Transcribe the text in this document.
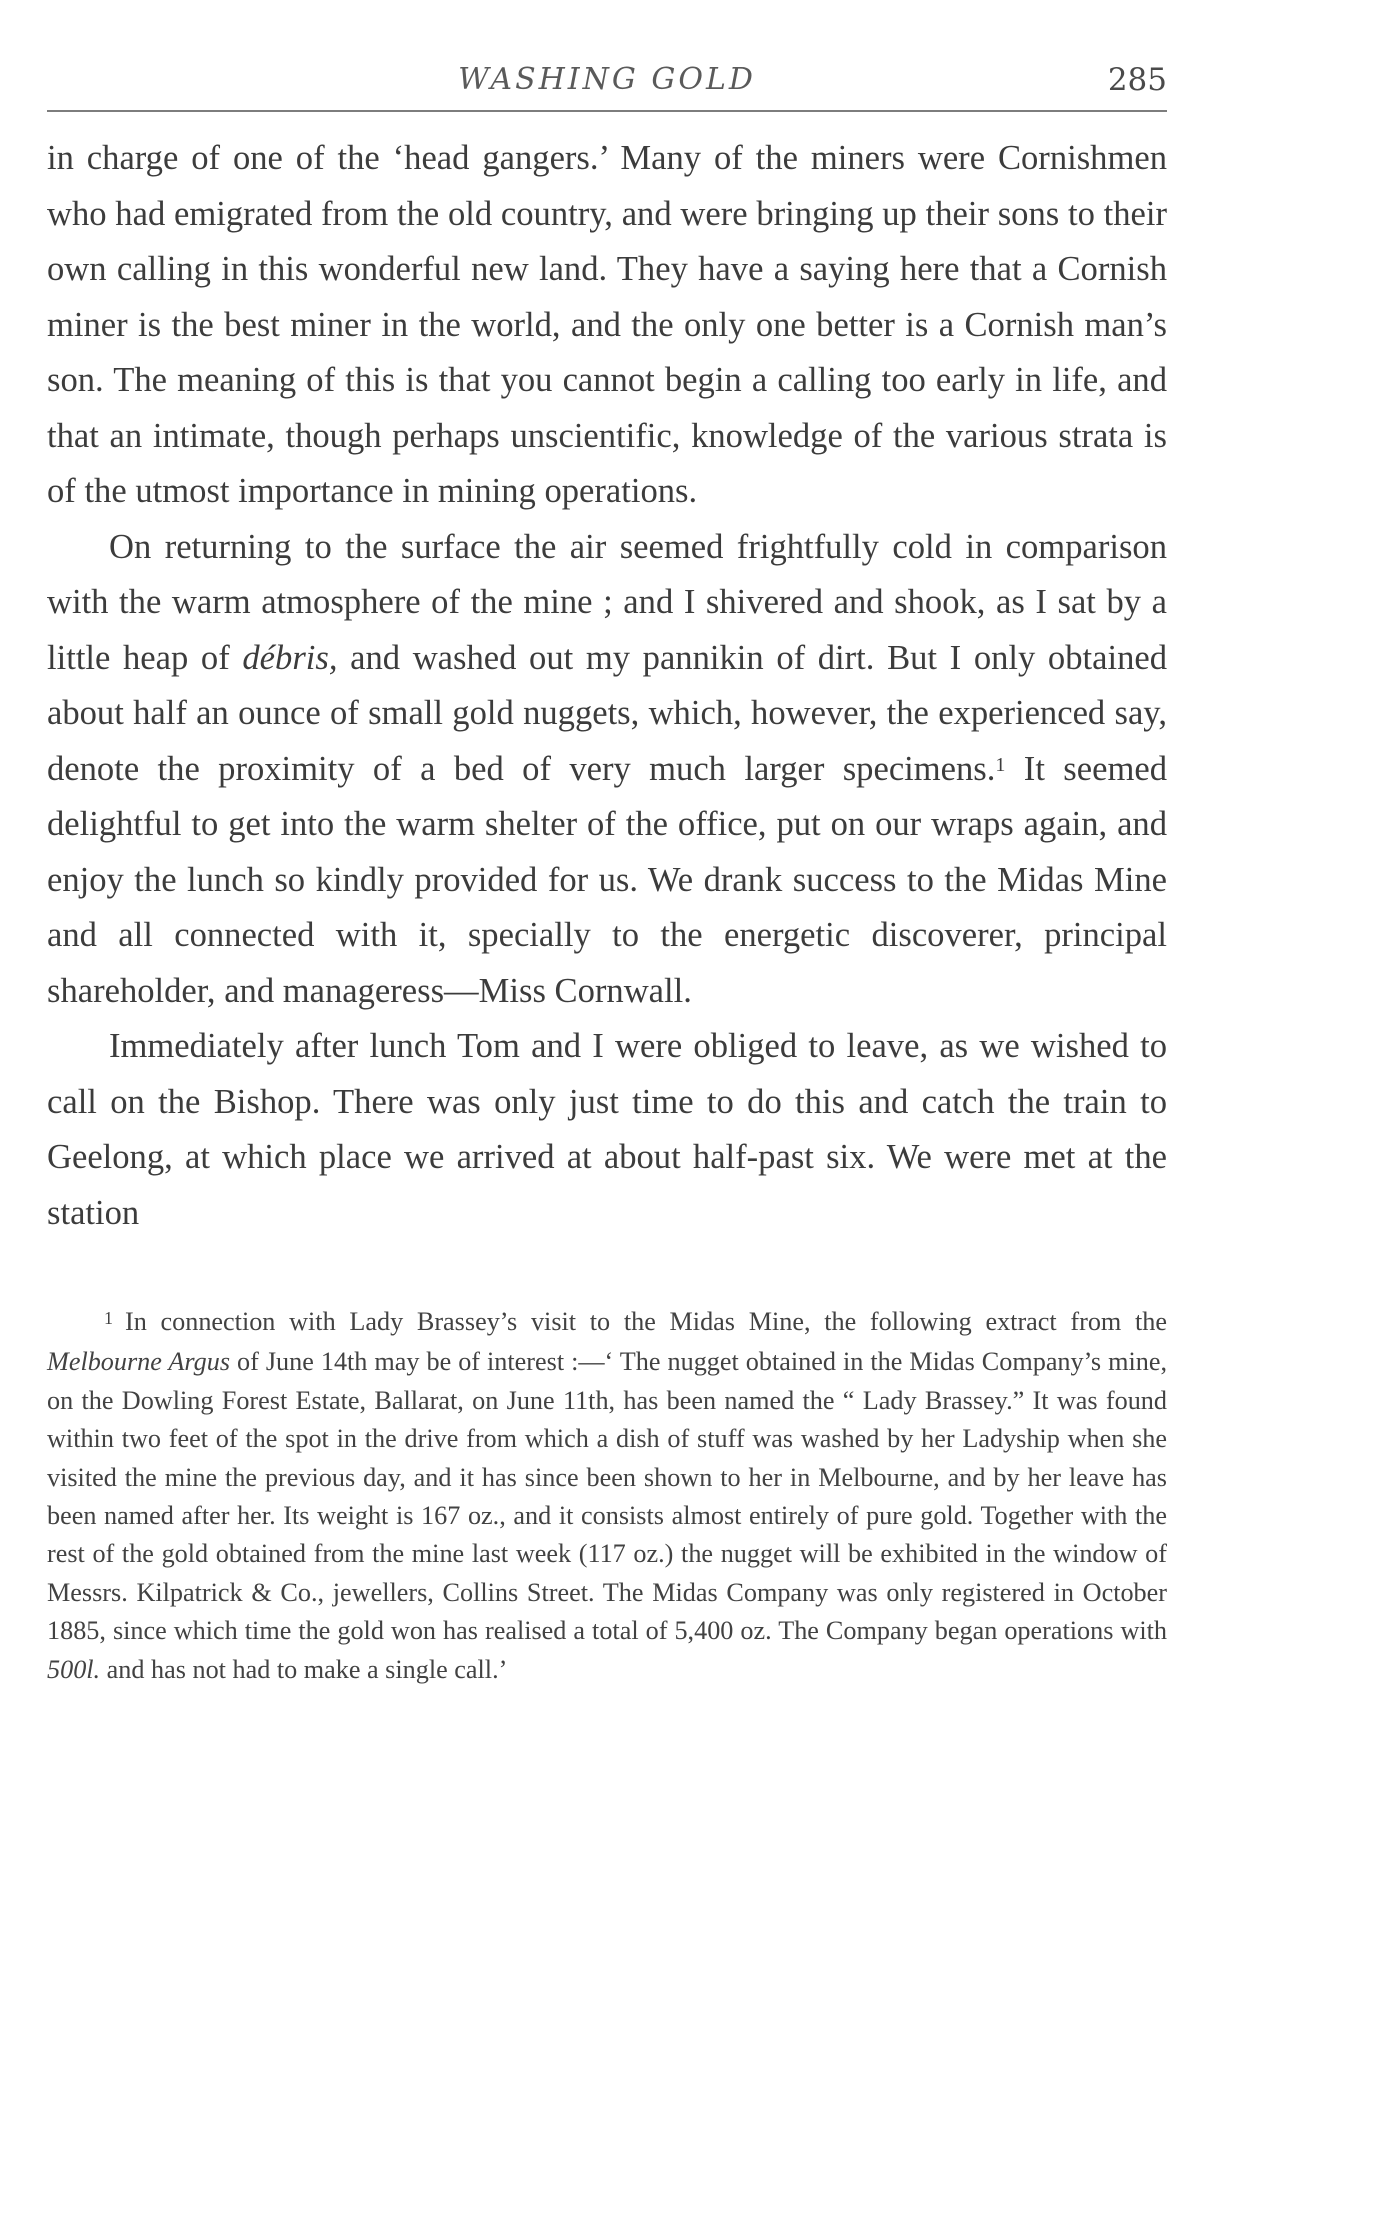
WASHING GOLD	285

in charge of one of the ‘head gangers.’ Many of the miners were Cornishmen who had emigrated from the old country, and were bringing up their sons to their own calling in this wonderful new land. They have a saying here that a Cornish miner is the best miner in the world, and the only one better is a Cornish man’s son. The meaning of this is that you cannot begin a calling too early in life, and that an intimate, though perhaps unscientific, knowledge of the various strata is of the utmost importance in mining operations.

On returning to the surface the air seemed frightfully cold in comparison with the warm atmosphere of the mine ; and I shivered and shook, as I sat by a little heap of débris, and washed out my pannikin of dirt. But I only obtained about half an ounce of small gold nuggets, which, however, the experienced say, denote the proximity of a bed of very much larger specimens.$^1$ It seemed delightful to get into the warm shelter of the office, put on our wraps again, and enjoy the lunch so kindly provided for us. We drank success to the Midas Mine and all connected with it, specially to the energetic discoverer, principal shareholder, and manageress—Miss Cornwall.

Immediately after lunch Tom and I were obliged to leave, as we wished to call on the Bishop. There was only just time to do this and catch the train to Geelong, at which place we arrived at about half-past six. We were met at the station

$^1$ In connection with Lady Brassey’s visit to the Midas Mine, the following extract from the Melbourne Argus of June 14th may be of interest :—‘ The nugget obtained in the Midas Company’s mine, on the Dowling Forest Estate, Ballarat, on June 11th, has been named the “ Lady Brassey.” It was found within two feet of the spot in the drive from which a dish of stuff was washed by her Ladyship when she visited the mine the previous day, and it has since been shown to her in Melbourne, and by her leave has been named after her. Its weight is 167 oz., and it consists almost entirely of pure gold. Together with the rest of the gold obtained from the mine last week (117 oz.) the nugget will be exhibited in the window of Messrs. Kilpatrick & Co., jewellers, Collins Street. The Midas Company was only registered in October 1885, since which time the gold won has realised a total of 5,400 oz. The Company began operations with 500l. and has not had to make a single call.’
